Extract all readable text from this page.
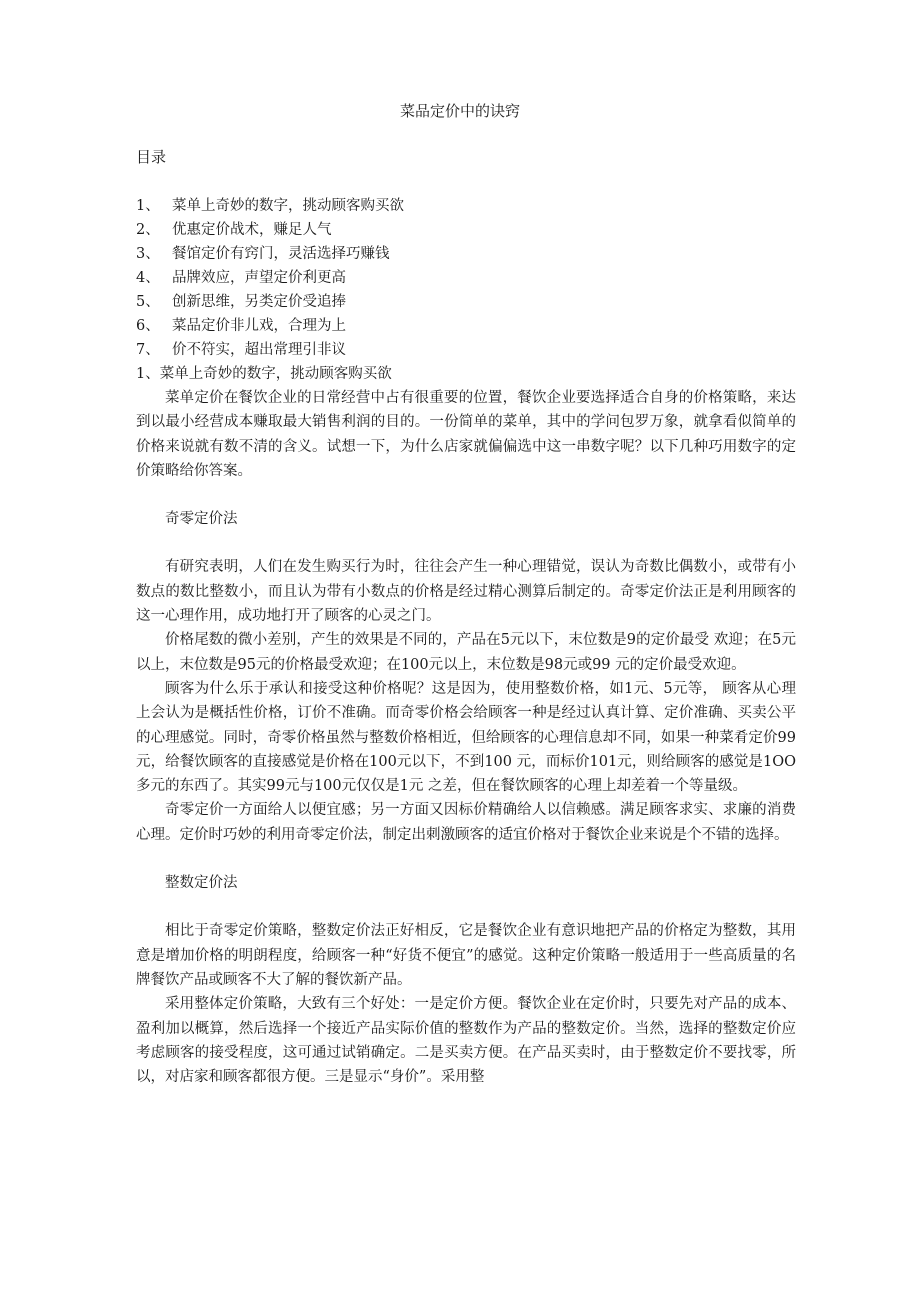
菜品定价中的诀窍
目录
1、 菜单上奇妙的数字，挑动顾客购买欲
2、 优惠定价战术，赚足人气
3、 餐馆定价有窍门，灵活选择巧赚钱
4、 品牌效应，声望定价利更高
5、 创新思维，另类定价受追捧
6、 菜品定价非儿戏，合理为上
7、 价不符实，超出常理引非议
1、菜单上奇妙的数字，挑动顾客购买欲

菜单定价在餐饮企业的日常经营中占有很重要的位置，餐饮企业要选择适合自身的价格策略，来达到以最小经营成本赚取最大销售利润的目的。一份简单的菜单，其中的学问包罗万象，就拿看似简单的价格来说就有数不清的含义。试想一下，为什么店家就偏偏选中这一串数字呢？以下几种巧用数字的定价策略给你答案。

奇零定价法

有研究表明，人们在发生购买行为时，往往会产生一种心理错觉，误认为奇数比偶数小，或带有小数点的数比整数小，而且认为带有小数点的价格是经过精心测算后制定的。奇零定价法正是利用顾客的这一心理作用，成功地打开了顾客的心灵之门。

价格尾数的微小差别，产生的效果是不同的，产品在5元以下，末位数是9的定价最受 欢迎；在5元以上，末位数是95元的价格最受欢迎；在100元以上，末位数是98元或99 元的定价最受欢迎。

顾客为什么乐于承认和接受这种价格呢？这是因为，使用整数价格，如1元、5元等， 顾客从心理上会认为是概括性价格，订价不准确。而奇零价格会给顾客一种是经过认真计算、定价准确、买卖公平的心理感觉。同时，奇零价格虽然与整数价格相近，但给顾客的心理信息却不同，如果一种菜肴定价99元，给餐饮顾客的直接感觉是价格在100元以下，不到100 元，而标价101元，则给顾客的感觉是1OO多元的东西了。其实99元与100元仅仅是1元 之差，但在餐饮顾客的心理上却差着一个等量级。

奇零定价一方面给人以便宜感；另一方面又因标价精确给人以信赖感。满足顾客求实、求廉的消费心理。定价时巧妙的利用奇零定价法，制定出刺激顾客的适宜价格对于餐饮企业来说是个不错的选择。

整数定价法

相比于奇零定价策略，整数定价法正好相反，它是餐饮企业有意识地把产品的价格定为整数，其用意是增加价格的明朗程度，给顾客一种“好货不便宜”的感觉。这种定价策略一般适用于一些高质量的名牌餐饮产品或顾客不大了解的餐饮新产品。

采用整体定价策略，大致有三个好处：一是定价方便。餐饮企业在定价时，只要先对产品的成本、盈利加以概算，然后选择一个接近产品实际价值的整数作为产品的整数定价。当然，选择的整数定价应考虑顾客的接受程度，这可通过试销确定。二是买卖方便。在产品买卖时，由于整数定价不要找零，所以，对店家和顾客都很方便。三是显示“身价”。采用整
